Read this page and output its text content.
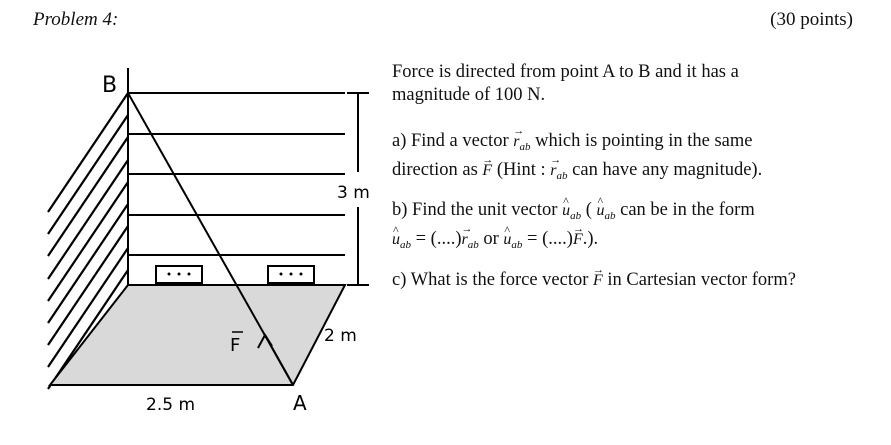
Problem 4:	(30 points)
3 m
2 m
2.5 m	A
B
F
Force is directed from point A to B and it has a
magnitude of 100 N.
a) Find a vector → $r_{ab}$ which is pointing in the same
direction as → F (Hint : → $r_{ab}$ can have any magnitude).
b) Find the unit vector ^ $u_{ab}$ ( ^ $u_{ab}$ can be in the form
^ $u_{ab}$ = (....)→ $r_{ab}$ or ^ $u_{ab}$ = (....)→ F.).
c) What is the force vector → F in Cartesian vector form?
